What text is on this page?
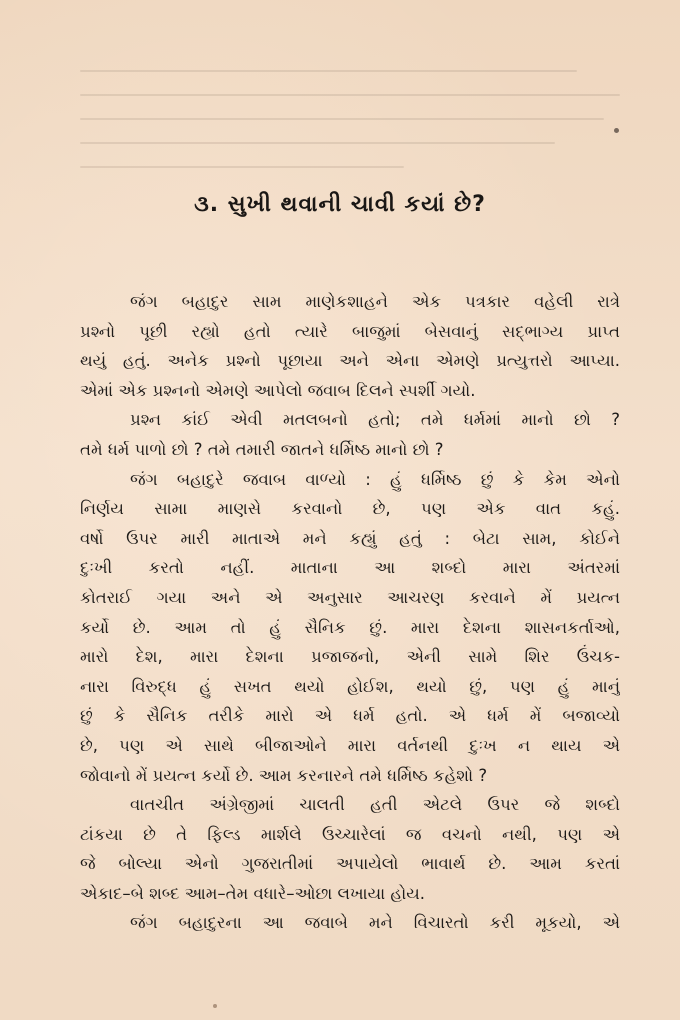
૩. સુખી થવાની ચાવી કયાં છે?
જંગ બહાદુર સામ માણેકશાહને એક પત્રકાર વહેલી રાત્રે
પ્રશ્નો પૂછી રહ્યો હતો ત્યારે બાજુમાં બેસવાનું સદ્ભાગ્ય પ્રાપ્ત
થયું હતું. અનેક પ્રશ્નો પૂછાયા અને એના એમણે પ્રત્યુત્તરો આપ્યા.
એમાં એક પ્રશ્નનો એમણે આપેલો જવાબ દિલને સ્પર્શી ગયો.
પ્રશ્ન કાંઈ એવી મતલબનો હતો; તમે ધર્મમાં માનો છો ?
તમે ધર્મ પાળો છો ? તમે તમારી જાતને ધર્મિષ્ઠ માનો છો ?
જંગ બહાદુરે જવાબ વાળ્યો : હું ધર્મિષ્ઠ છું કે કેમ એનો
નિર્ણય સામા માણસે કરવાનો છે, પણ એક વાત કહું.
વર્ષો ઉપર મારી માતાએ મને કહ્યું હતું : બેટા સામ, કોઈને
દુઃખી કરતો નહીં. માતાના આ શબ્દો મારા અંતરમાં
કોતરાઈ ગયા અને એ અનુસાર આચરણ કરવાને મેં પ્રયત્ન
કર્યો છે. આમ તો હું સૈનિક છું. મારા દેશના શાસનકર્તાઓ,
મારો દેશ, મારા દેશના પ્રજાજનો, એની સામે શિર ઉંચક-
નારા વિરુદ્ધ હું સખત થયો હોઈશ, થયો છું, પણ હું માનું
છું કે સૈનિક તરીકે મારો એ ધર્મ હતો. એ ધર્મ મેં બજાવ્યો
છે, પણ એ સાથે બીજાઓને મારા વર્તનથી દુઃખ ન થાય એ
જોવાનો મેં પ્રયત્ન કર્યો છે. આમ કરનારને તમે ધર્મિષ્ઠ કહેશો ?
વાતચીત અંગ્રેજીમાં ચાલતી હતી એટલે ઉપર જે શબ્દો
ટાંકયા છે તે ફિલ્ડ માર્શલે ઉચ્ચારેલાં જ વચનો નથી, પણ એ
જે બોલ્યા એનો ગુજરાતીમાં અપાયેલો ભાવાર્થ છે. આમ કરતાં
એકાદ–બે શબ્દ આમ–તેમ વધારે–ઓછા લખાયા હોય.
જંગ બહાદુરના આ જવાબે મને વિચારતો કરી મૂકયો, એ
